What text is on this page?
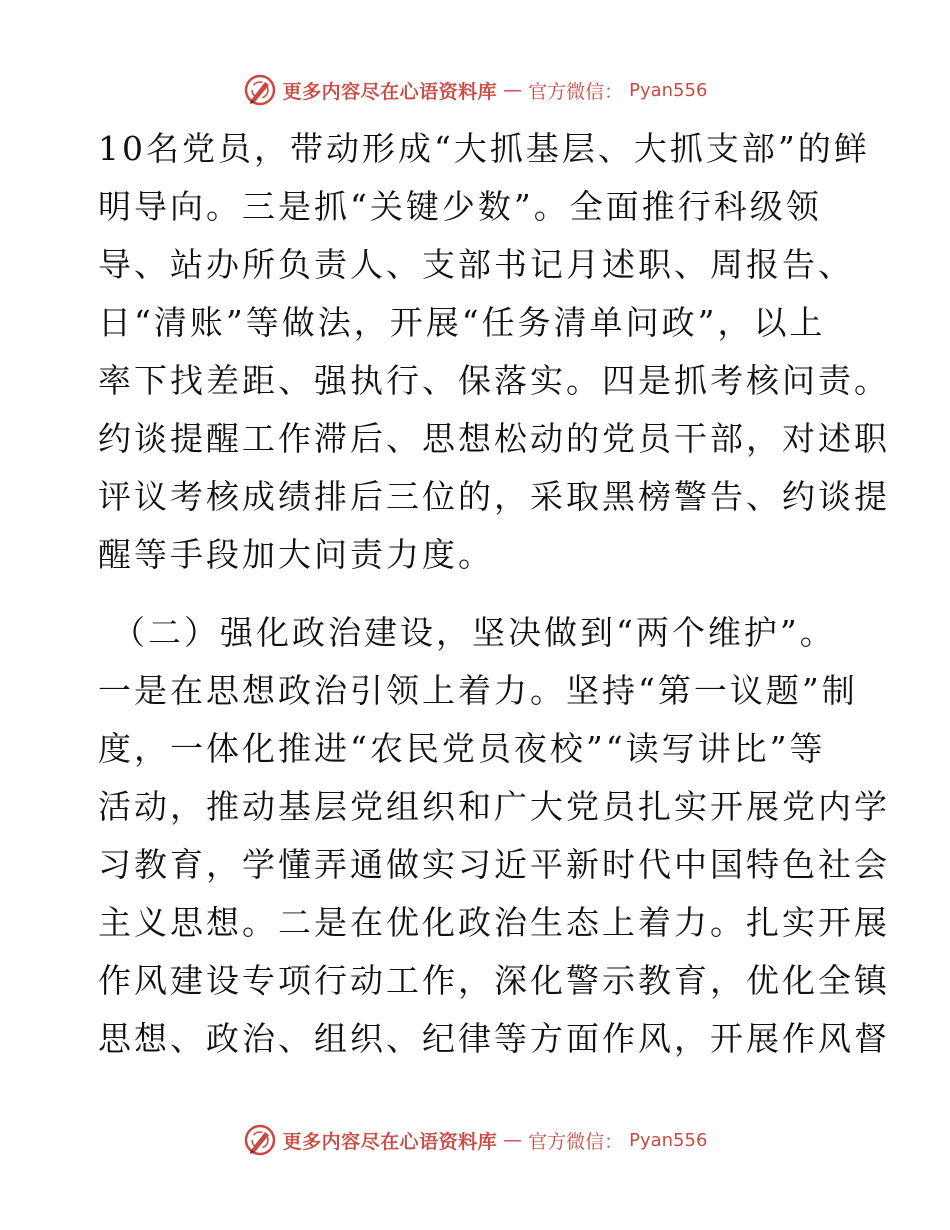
更多内容尽在心语资料库 — 官方微信： Pyan556
10名党员，带动形成“大抓基层、大抓支部”的鲜
明导向。三是抓“关键少数”。全面推行科级领
导、站办所负责人、支部书记月述职、周报告、
日“清账”等做法，开展“任务清单问政”，以上
率下找差距、强执行、保落实。四是抓考核问责。
约谈提醒工作滞后、思想松动的党员干部，对述职
评议考核成绩排后三位的，采取黑榜警告、约谈提
醒等手段加大问责力度。
（二）强化政治建设，坚决做到“两个维护”。
一是在思想政治引领上着力。坚持“第一议题”制
度，一体化推进“农民党员夜校”“读写讲比”等
活动，推动基层党组织和广大党员扎实开展党内学
习教育，学懂弄通做实习近平新时代中国特色社会
主义思想。二是在优化政治生态上着力。扎实开展
作风建设专项行动工作，深化警示教育，优化全镇
思想、政治、组织、纪律等方面作风，开展作风督
更多内容尽在心语资料库 — 官方微信： Pyan556
